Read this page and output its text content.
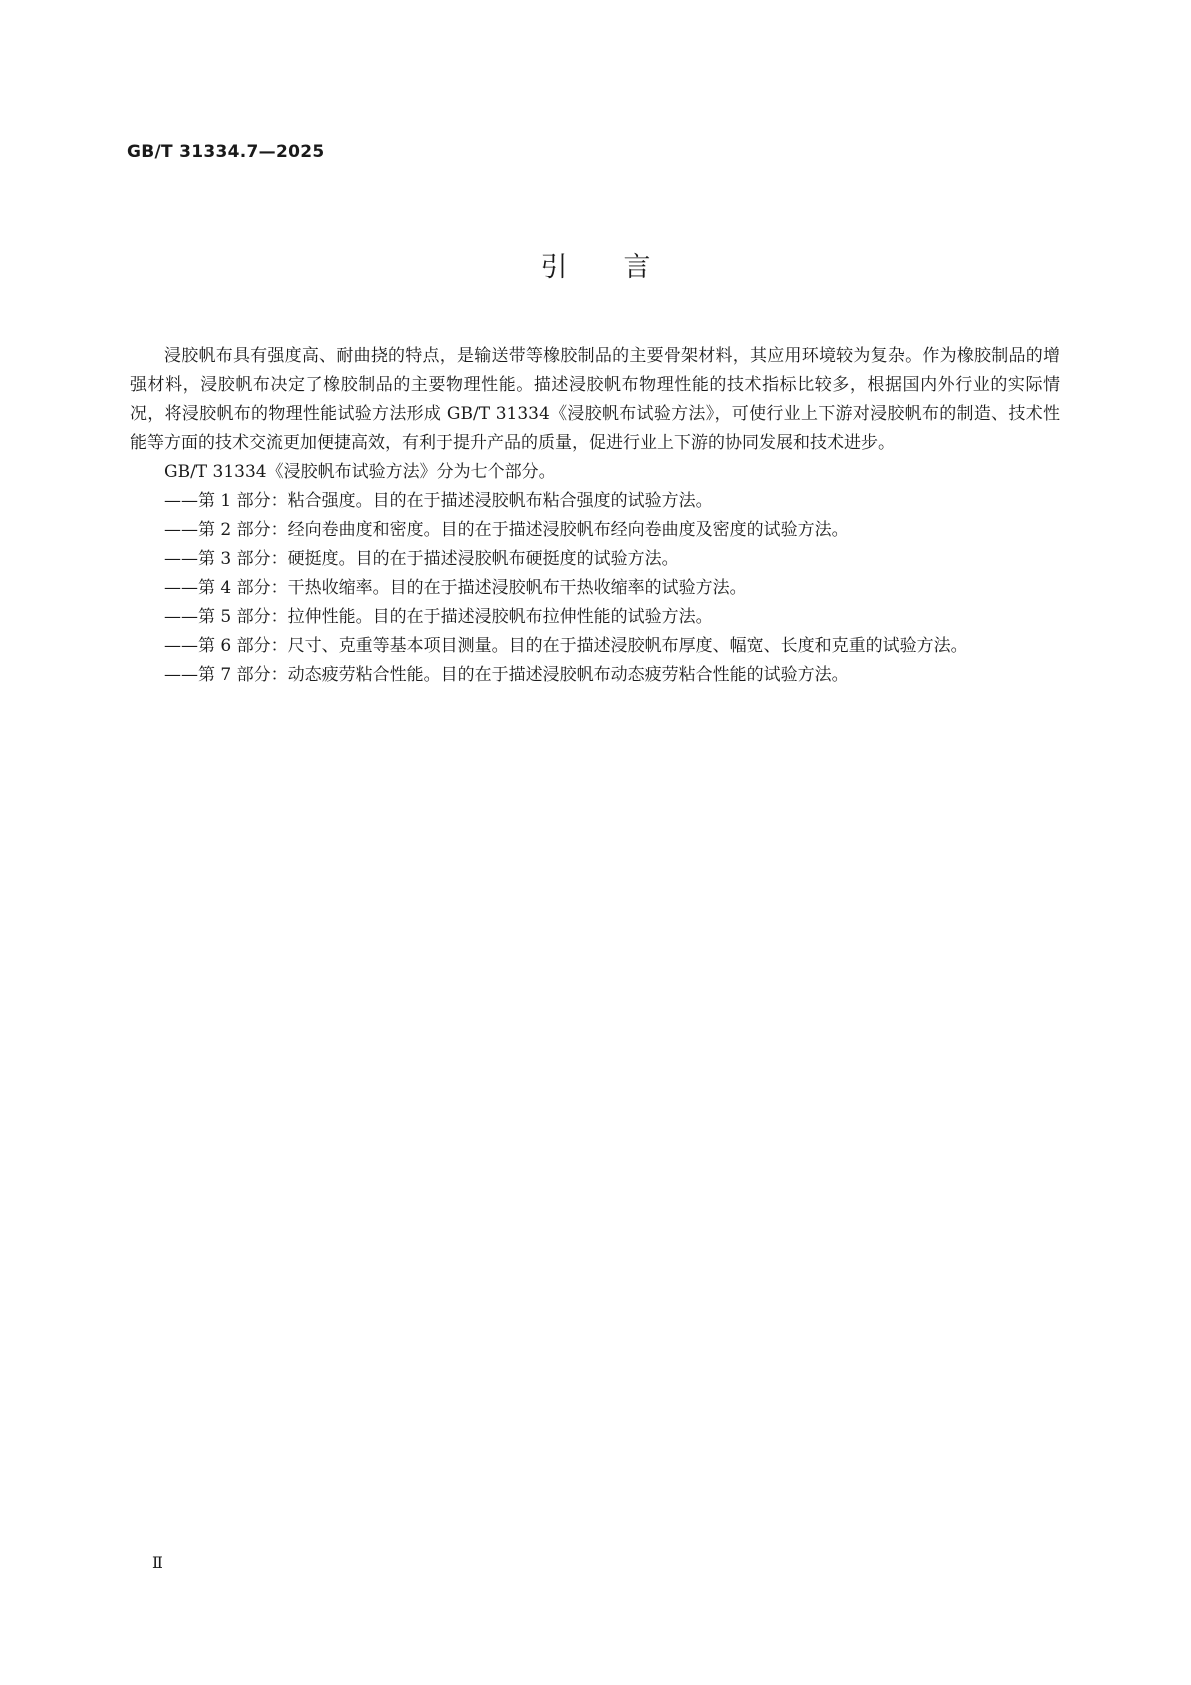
GB/T 31334.7—2025
引言

浸胶帆布具有强度高、耐曲挠的特点，是输送带等橡胶制品的主要骨架材料，其应用环境较为复杂。作为橡胶制品的增强材料，浸胶帆布决定了橡胶制品的主要物理性能。描述浸胶帆布物理性能的技术指标比较多，根据国内外行业的实际情况，将浸胶帆布的物理性能试验方法形成 GB/T 31334《浸胶帆布试验方法》，可使行业上下游对浸胶帆布的制造、技术性能等方面的技术交流更加便捷高效，有利于提升产品的质量，促进行业上下游的协同发展和技术进步。

GB/T 31334《浸胶帆布试验方法》分为七个部分。

——第 1 部分：粘合强度。目的在于描述浸胶帆布粘合强度的试验方法。
——第 2 部分：经向卷曲度和密度。目的在于描述浸胶帆布经向卷曲度及密度的试验方法。
——第 3 部分：硬挺度。目的在于描述浸胶帆布硬挺度的试验方法。
——第 4 部分：干热收缩率。目的在于描述浸胶帆布干热收缩率的试验方法。
——第 5 部分：拉伸性能。目的在于描述浸胶帆布拉伸性能的试验方法。
——第 6 部分：尺寸、克重等基本项目测量。目的在于描述浸胶帆布厚度、幅宽、长度和克重的试验方法。
——第 7 部分：动态疲劳粘合性能。目的在于描述浸胶帆布动态疲劳粘合性能的试验方法。
Ⅱ
